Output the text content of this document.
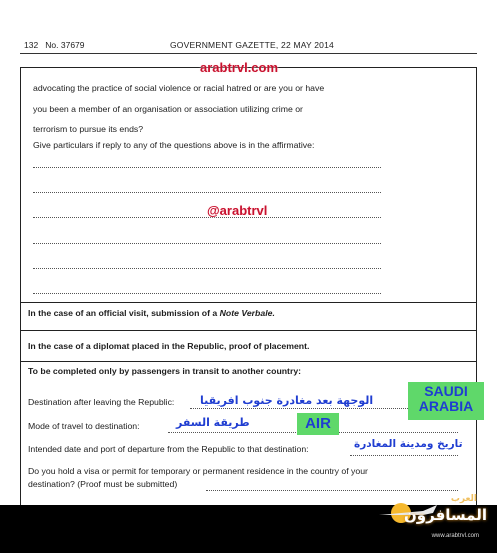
132 No. 37679	GOVERNMENT GAZETTE, 22 MAY 2014
arabtrvl.com
advocating the practice of social violence or racial hatred or are you or have
you been a member of an organisation or association utilizing crime or
terrorism to pursue its ends?
Give particulars if reply to any of the questions above is in the affirmative:
@arabtrvl
In the case of an official visit, submission of a Note Verbale.
In the case of a diplomat placed in the Republic, proof of placement.
To be completed only by passengers in transit to another country:
Destination after leaving the Republic:
Mode of travel to destination:
Intended date and port of departure from the Republic to that destination:
Do you hold a visa or permit for temporary or permanent residence in the country of your
destination? (Proof must be submitted)
SAUDI ARABIA
AIR
الوجهة بعد مغادرة جنوب افريقيا
طريقة السفر
تاريخ ومدينة المغادرة
العرب
المسافرون
www.arabtrvl.com
